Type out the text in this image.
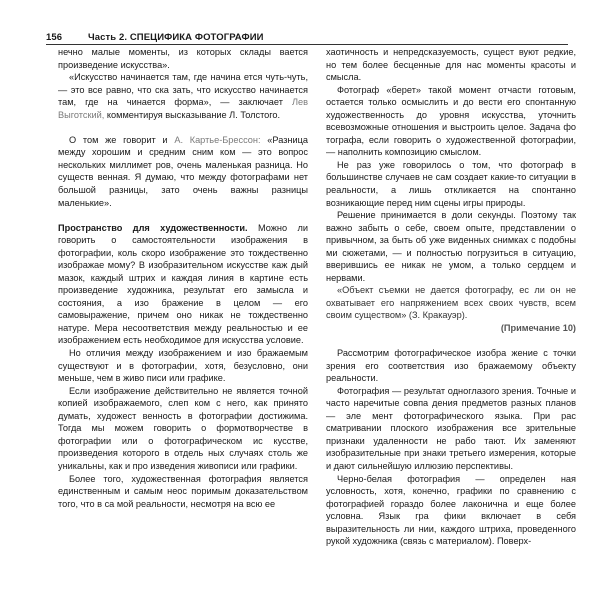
156	Часть 2. СПЕЦИФИКА ФОТОГРАФИИ

нечно малые моменты, из которых склады вается произведение искусства».

«Искусство начинается там, где начина ется чуть-чуть, — это все равно, что ска зать, что искусство начинается там, где на чинается форма», — заключает Лев Выготский, комментируя высказывание Л. Толстого.

О том же говорит и А. Картье-Брессон: «Разница между хорошим и средним сним ком — это вопрос нескольких миллимет ров, очень маленькая разница. Но существ венная. Я думаю, что между фотографами нет большой разницы, зато очень важны разницы маленькие».

Пространство для художественности. Можно ли говорить о самостоятельности изображения в фотографии, коль скоро изображение это тождественно изображае мому? В изобразительном искусстве каж дый мазок, каждый штрих и каждая линия в картине есть произведение художника, результат его замысла и состояния, а изо бражение в целом — его самовыражение, причем оно никак не тождественно натуре. Мера несоответствия между реальностью и ее изображением есть необходимое для искусства условие.

Но отличия между изображением и изо бражаемым существуют и в фотографии, хотя, безусловно, они меньше, чем в живо писи или графике.

Если изображение действительно не является точной копией изображаемого, слеп ком с него, как принято думать, художест венность в фотографии достижима. Тогда мы можем говорить о формотворчестве в фотографии или о фотографическом ис кусстве, произведения которого в отдель ных случаях столь же уникальны, как и про изведения живописи или графики.

Более того, художественная фотография является единственным и самым неос поримым доказательством того, что в са мой реальности, несмотря на всю ее

хаотичность и непредсказуемость, сущест вуют редкие, но тем более бесценные для нас моменты красоты и смысла.

Фотограф «берет» такой момент отчасти готовым, остается только осмыслить и до вести его спонтанную художественность до уровня искусства, уточнить всевозможные отношения и выстроить целое. Задача фо тографа, если говорить о художественной фотографии, — наполнить композицию смыслом.

Не раз уже говорилось о том, что фотограф в большинстве случаев не сам создает какие-то ситуации в реальности, а лишь откликается на спонтанно возникающие перед ним сцены игры природы.

Решение принимается в доли секунды. Поэтому так важно забыть о себе, своем опыте, представлении о привычном, за быть об уже виденных снимках с подобны ми сюжетами, — и полностью погрузиться в ситуацию, вверившись ее никак не умом, а только сердцем и нервами.

«Объект съемки не дается фотографу, ес ли он не охватывает его напряжением всех своих чувств, всем своим существом» (З. Кракауэр).
(Примечание 10)

Рассмотрим фотографическое изобра жение с точки зрения его соответствия изо бражаемому объекту реальности.

Фотография — результат одноглазого зрения. Точные и часто наречитые совпа дения предметов разных планов — эле мент фотографического языка. При рас сматривании плоского изображения все зрительные признаки удаленности не рабо тают. Их заменяют изобразительные при знаки третьего измерения, которые и дают сильнейшую иллюзию перспективы.

Черно-белая фотография — определен ная условность, хотя, конечно, графики по сравнению с фотографией гораздо более лаконична и еще более условна. Язык гра фики включает в себя выразительность ли нии, каждого штриха, проведенного рукой художника (связь с материалом). Поверх-
